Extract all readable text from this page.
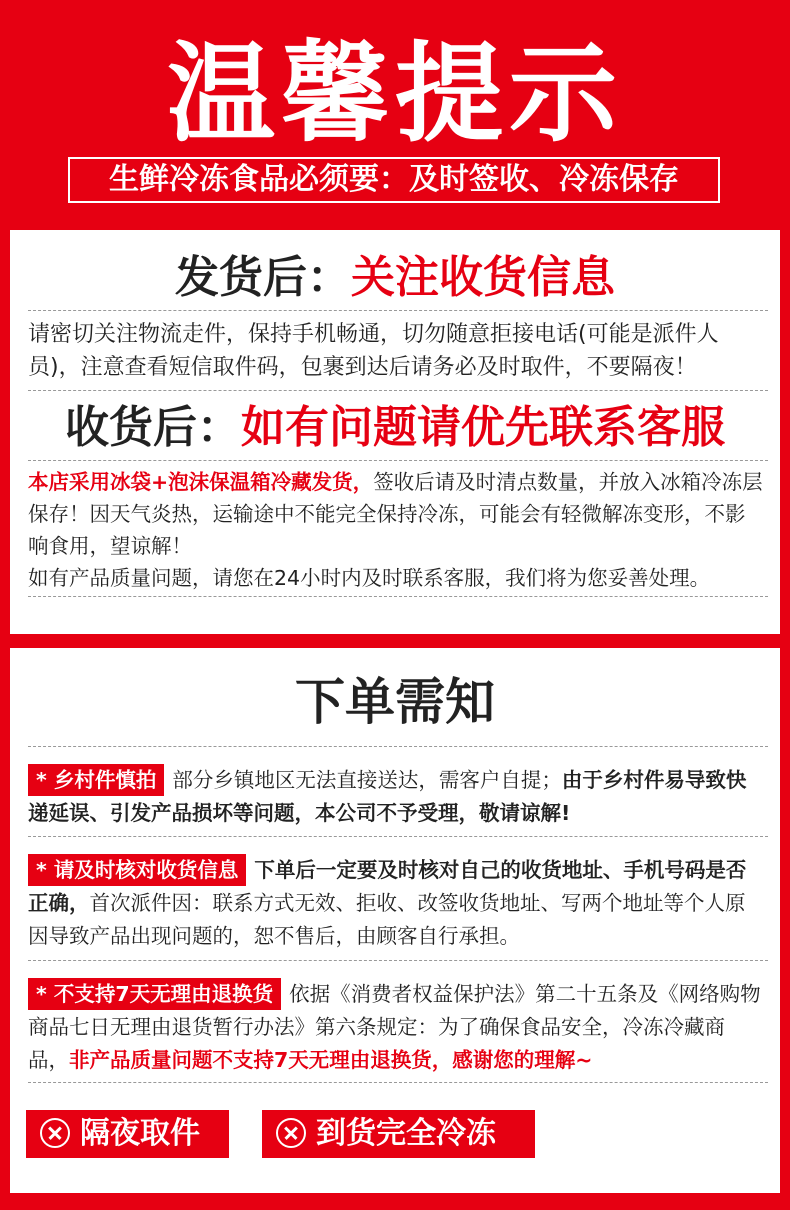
温馨提示
生鲜冷冻食品必须要：及时签收、冷冻保存
发货后：关注收货信息
请密切关注物流走件，保持手机畅通，切勿随意拒接电话(可能是派件人员)，注意查看短信取件码，包裹到达后请务必及时取件，不要隔夜！
收货后：如有问题请优先联系客服
本店采用冰袋+泡沫保温箱冷藏发货，签收后请及时清点数量，并放入冰箱冷冻层保存！因天气炎热，运输途中不能完全保持冷冻，可能会有轻微解冻变形，不影响食用，望谅解！
如有产品质量问题，请您在24小时内及时联系客服，我们将为您妥善处理。
下单需知
* 乡村件慎拍 部分乡镇地区无法直接送达，需客户自提；由于乡村件易导致快递延误、引发产品损坏等问题，本公司不予受理，敬请谅解!
* 请及时核对收货信息 下单后一定要及时核对自己的收货地址、手机号码是否正确，首次派件因：联系方式无效、拒收、改签收货地址、写两个地址等个人原因导致产品出现问题的，恕不售后，由顾客自行承担。
* 不支持7天无理由退换货 依据《消费者权益保护法》第二十五条及《网络购物商品七日无理由退货暂行办法》第六条规定：为了确保食品安全，冷冻冷藏商品，非产品质量问题不支持7天无理由退换货，感谢您的理解~
隔夜取件	到货完全冷冻
